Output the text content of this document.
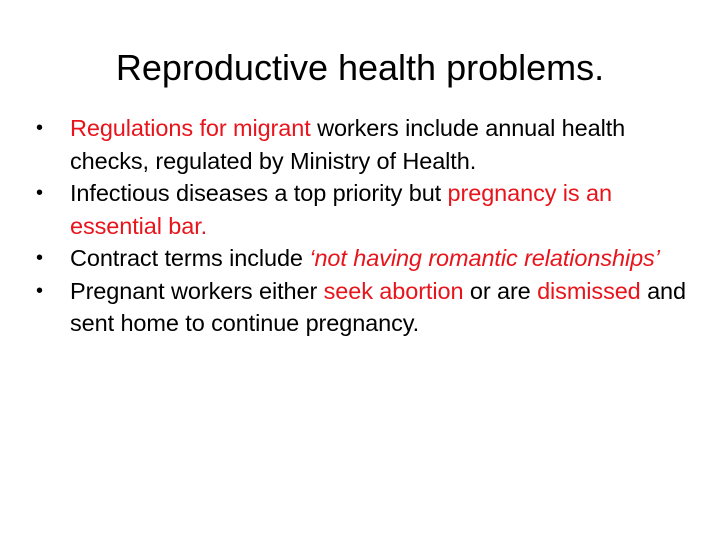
Reproductive health problems.
•	Regulations for migrant workers include annual health checks, regulated by Ministry of Health.
•	Infectious diseases a top priority but pregnancy is an essential bar.
•	Contract terms include ‘not having romantic relationships’
•	Pregnant workers either seek abortion or are dismissed and sent home to continue pregnancy.
